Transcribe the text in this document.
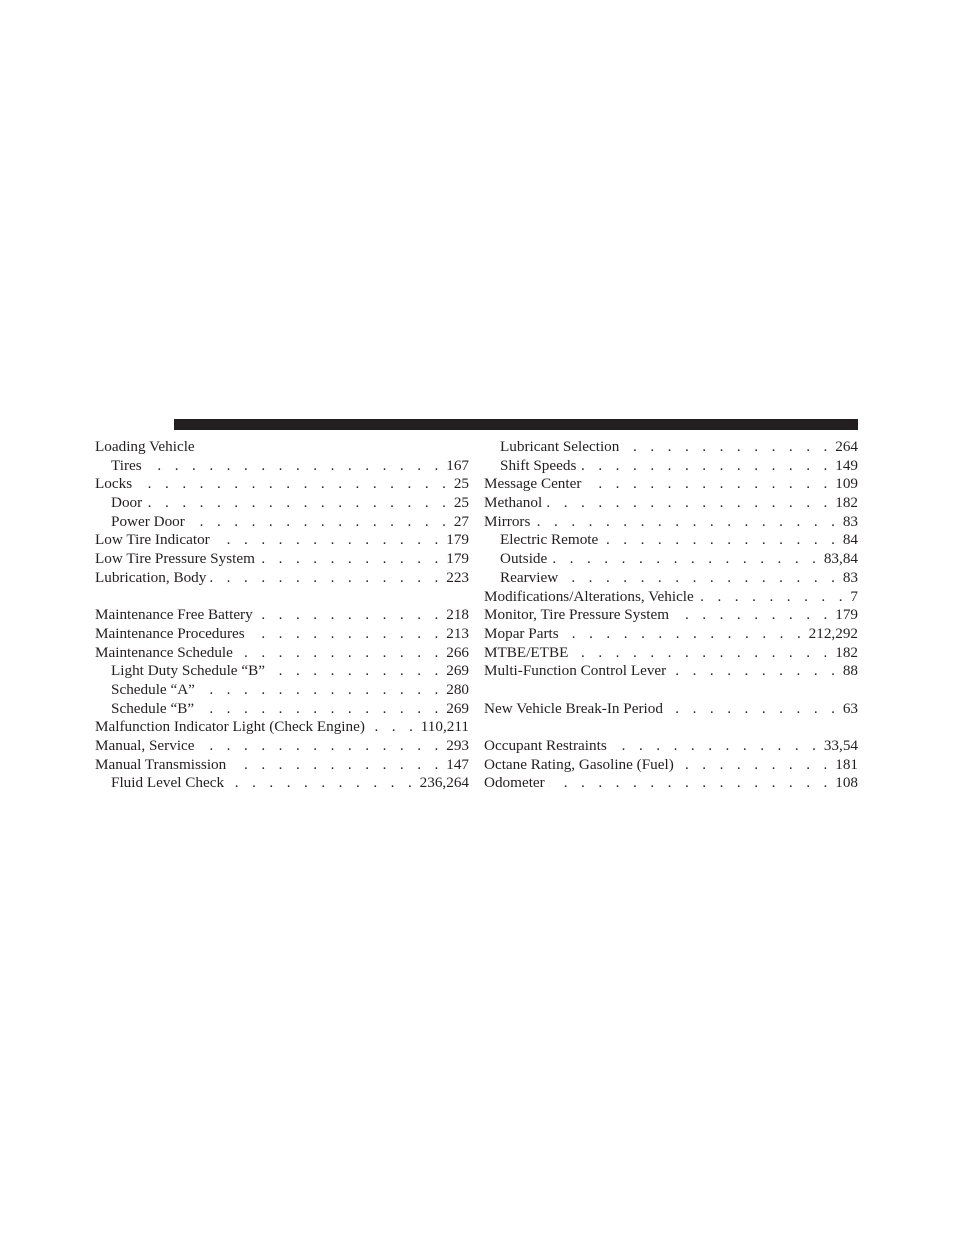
Loading Vehicle
Tires . . .	167
Locks . . .	25
Door . . .	25
Power Door . . .	27
Low Tire Indicator . . .	179
Low Tire Pressure System . . .	179
Lubrication, Body . . .	223
Maintenance Free Battery . . .	218
Maintenance Procedures . . .	213
Maintenance Schedule . . .	266
Light Duty Schedule “B” . . .	269
Schedule “A” . . .	280
Schedule “B” . . .	269
Malfunction Indicator Light (Check Engine) . . .	110,211
Manual, Service . . .	293
Manual Transmission . . .	147
Fluid Level Check . . .	236,264
Lubricant Selection . . .	264
Shift Speeds . . .	149
Message Center . . .	109
Methanol . . .	182
Mirrors . . .	83
Electric Remote . . .	84
Outside . . .	83,84
Rearview . . .	83
Modifications/Alterations, Vehicle . . .	7
Monitor, Tire Pressure System . . .	179
Mopar Parts . . .	212,292
MTBE/ETBE . . .	182
Multi-Function Control Lever . . .	88
New Vehicle Break-In Period . . .	63
Occupant Restraints . . .	33,54
Octane Rating, Gasoline (Fuel) . . .	181
Odometer . . .	108
